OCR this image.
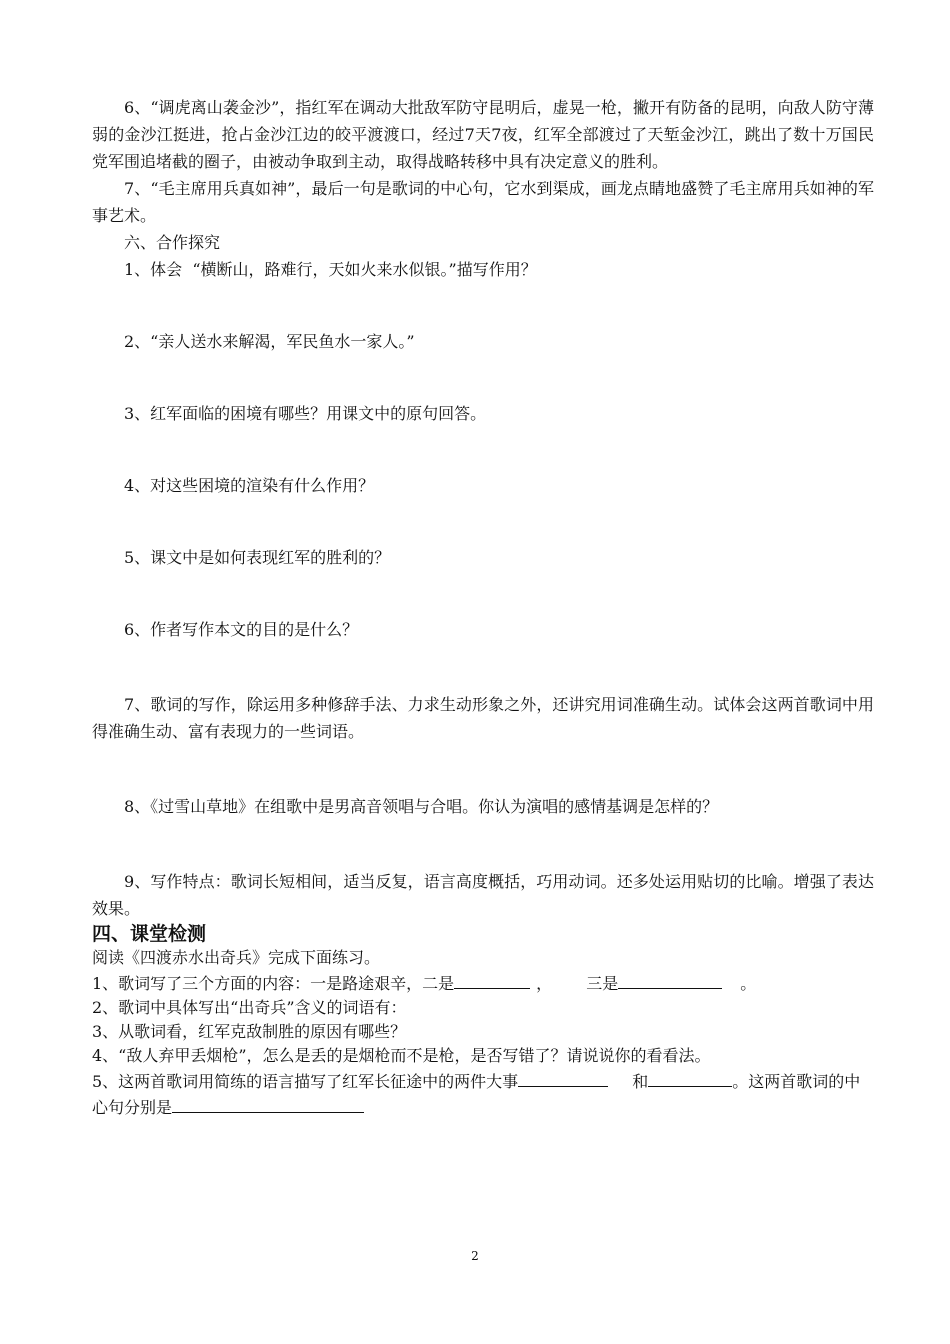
6、“调虎离山袭金沙”，指红军在调动大批敌军防守昆明后，虚晃一枪，撇开有防备的昆明，向敌人防守薄弱的金沙江挺进，抢占金沙江边的皎平渡渡口，经过7天7夜，红军全部渡过了天堑金沙江，跳出了数十万国民党军围追堵截的圈子，由被动争取到主动，取得战略转移中具有决定意义的胜利。

7、“毛主席用兵真如神”，最后一句是歌词的中心句，它水到渠成，画龙点睛地盛赞了毛主席用兵如神的军事艺术。

六、合作探究

1、体会  “横断山，路难行，天如火来水似银。”描写作用？

2、“亲人送水来解渴，军民鱼水一家人。”

3、红军面临的困境有哪些？用课文中的原句回答。

4、对这些困境的渲染有什么作用？

5、课文中是如何表现红军的胜利的？

6、作者写作本文的目的是什么？

7、歌词的写作，除运用多种修辞手法、力求生动形象之外，还讲究用词准确生动。试体会这两首歌词中用得准确生动、富有表现力的一些词语。

8、《过雪山草地》在组歌中是男高音领唱与合唱。你认为演唱的感情基调是怎样的？

9、写作特点：歌词长短相间，适当反复，语言高度概括，巧用动词。还多处运用贴切的比喻。增强了表达效果。

四、课堂检测

阅读《四渡赤水出奇兵》完成下面练习。

1、歌词写了三个方面的内容：一是路途艰辛，二是	， 三是	。

2、歌词中具体写出“出奇兵”含义的词语有：

3、从歌词看，红军克敌制胜的原因有哪些？

4、“敌人弃甲丢烟枪”，怎么是丢的是烟枪而不是枪，是否写错了？请说说你的看看法。

5、这两首歌词用简练的语言描写了红军长征途中的两件大事	和	。这两首歌词的中心句分别是

2
